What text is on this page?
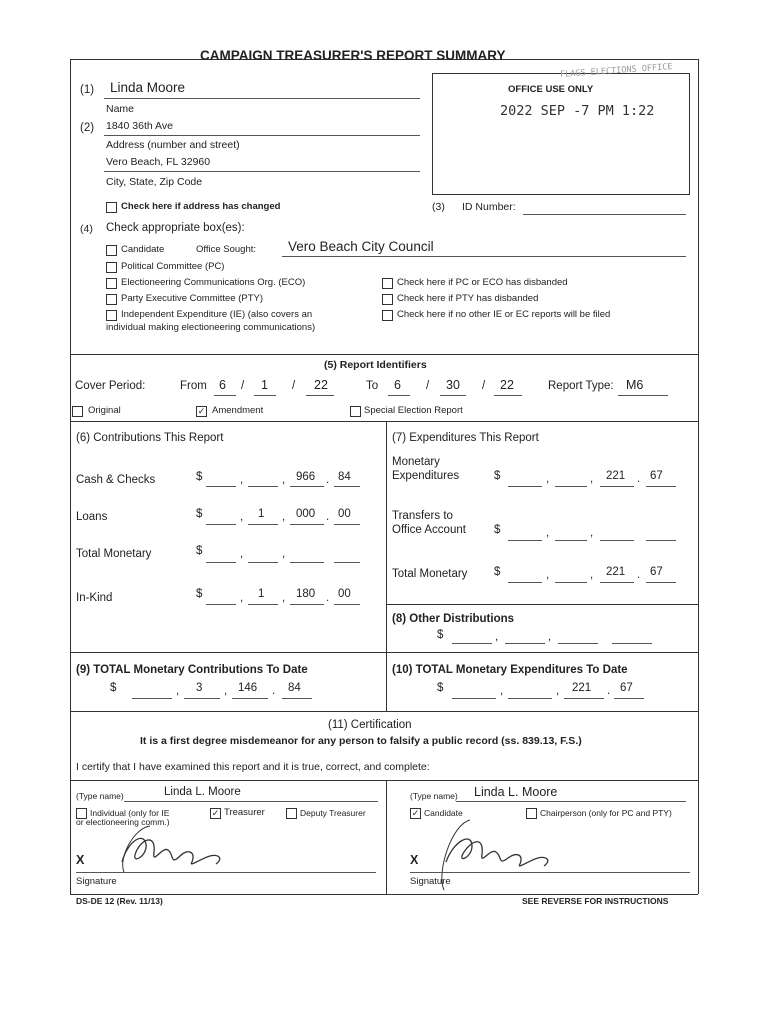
CAMPAIGN TREASURER'S REPORT SUMMARY
(1) Linda Moore
Name
(2) 1840 36th Ave
Address (number and street)
Vero Beach, FL 32960
City, State, Zip Code
Check here if address has changed
OFFICE USE ONLY
FLAGS ELECTIONS OFFICE
2022 SEP -7 PM 1:22
(3) ID Number:
(4) Check appropriate box(es):
Candidate	Office Sought: Vero Beach City Council
Political Committee (PC)
Electioneering Communications Org. (ECO)	Check here if PC or ECO has disbanded
Party Executive Committee (PTY)	Check here if PTY has disbanded
Independent Expenditure (IE) (also covers an
individual making electioneering communications)
Check here if no other IE or EC reports will be filed
(5) Report Identifiers
Cover Period:	From 6 / 1 / 22	To 6 / 30 / 22	Report Type: M6
Original	✓ Amendment	Special Election Report
(6) Contributions This Report	(7) Expenditures This Report
Cash & Checks	$	,	, 966 . 84
Loans	$	, 1 , 000 . 00
Total Monetary	$	,	,
In-Kind	$	, 1 , 180 . 00
Monetary
Expenditures	$	,	, 221 . 67
Transfers to
Office Account $	,	,
Total Monetary $	,	, 221 . 67
(8) Other Distributions
$	,	,
(9) TOTAL Monetary Contributions To Date
$	, 3 , 146 . 84
(10) TOTAL Monetary Expenditures To Date
$	,	, 221 . 67
(11) Certification
It is a first degree misdemeanor for any person to falsify a public record (ss. 839.13, F.S.)
I certify that I have examined this report and it is true, correct, and complete:
(Type name)	Linda L. Moore
Individual (only for IE
or electioneering comm.)
✓ Treasurer	Deputy Treasurer
X
Signature
(Type name) Linda L. Moore
✓ Candidate	Chairperson (only for PC and PTY)
X
Signature
DS-DE 12 (Rev. 11/13)	SEE REVERSE FOR INSTRUCTIONS
